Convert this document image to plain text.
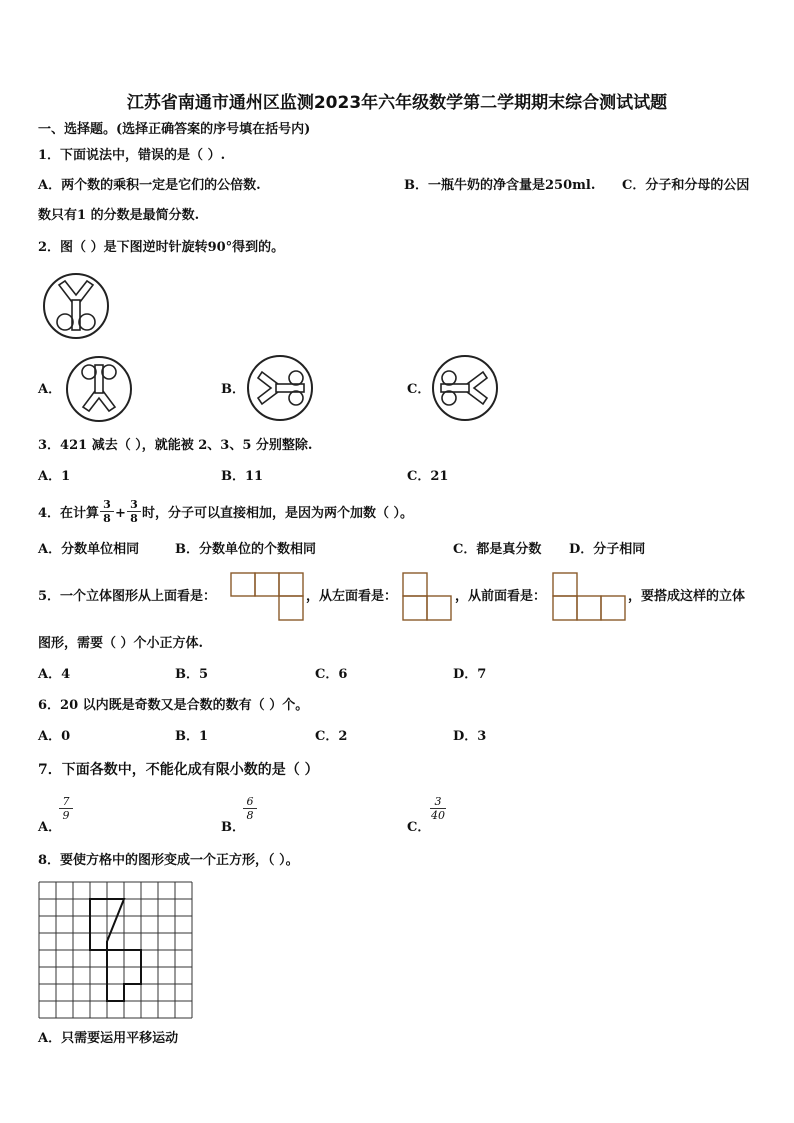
江苏省南通市通州区监测2023年六年级数学第二学期期末综合测试试题
一、选择题。(选择正确答案的序号填在括号内)
1．下面说法中，错误的是（ ）.
A．两个数的乘积一定是它们的公倍数.	B．一瓶牛奶的净含量是250ml. C．分子和分母的公因
数只有1 的分数是最简分数.
2．图（ ）是下图逆时针旋转90°得到的。
A．	B．	C．
3．421 减去（ ），就能被 2、3、5 分别整除.
A．1	B．11	C．21
4．在计算
3
8 +
3
8 时，分子可以直接相加，是因为两个加数（ ）。
A．分数单位相同	B．分数单位的个数相同	C．都是真分数 D．分子相同
5．一个立体图形从上面看是：	，从左面看是：	，从前面看是：	，要搭成这样的立体
图形，需要（ ）个小正方体.
A．4	B．5	C．6	D．7
6．20 以内既是奇数又是合数的数有（ ）个。
A．0	B．1	C．2	D．3
7．下面各数中，不能化成有限小数的是（ ）
A．
7
9
B．
6
8
C．
3
40
8．要使方格中的图形变成一个正方形，（ ）。
A．只需要运用平移运动
